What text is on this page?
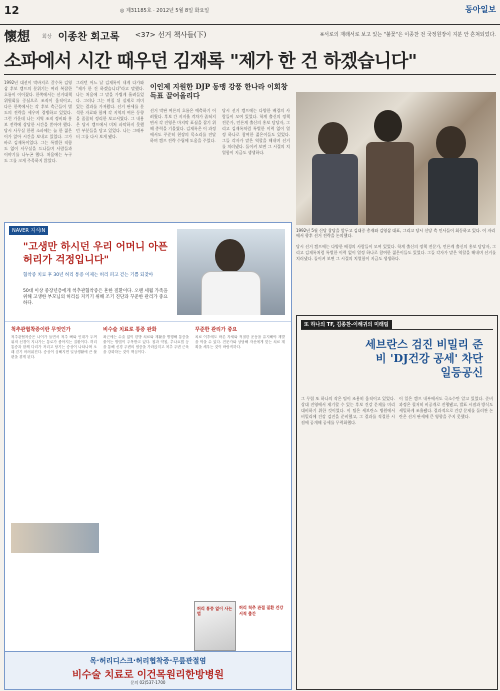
12	◎ 제31185호 · 2012년 5월 8일 화요일	동아일보
懷想 회상 이종찬 회고록 <37> 선거 책사들(下)	※서로의 재래서로 보고 있는 "불꽃"은 이종찬 전 국정원장이 지분 안 흔쳐되었다.
소파에서 시간 때우던 김재록 "제가 한 건 하겠습니다"
1992년 대선이 막바지로 갈수록 김영삼 후보 캠프의 분위기는 여러 복잡한 흐름이 이어졌다. 한쪽에서는 선거대책위원회를 중심으로 조직이 움직이고, 다른 한쪽에서는 각 후보 측근들이 별도의 전략을 세우며 경쟁하고 있었다. 그런 가운데 나는 지역 조직 정비와 홍보 전략에 상당한 시간을 쏟아야 했다. 당시 사무실 한편 소파에는 늘 한 젊은이가 앉아 시간을 보내고 있었다. 그가 바로 김재록이었다. 그는 특별한 직함도 없이 사무실을 드나들며 사람들과 이야기를 나누곤 했다. 처음에는 누구도 그를 크게 주목하지 않았다.
그러던 어느 날 김재록이 내게 다가와 "제가 한 건 하겠습니다"라고 말했다. 나는 처음에 그 말을 가볍게 흘려들었다. 그러나 그는 며칠 뒤 실제로 의미 있는 결과를 가져왔다. 선거 판세를 분석한 자료와 함께 각 지역의 여론 동향을 꼼꼼히 정리한 보고서였다. 그 내용은 당시 캠프에서 미처 파악하지 못했던 부분들을 담고 있었다. 나는 그때부터 그를 다시 보게 됐다.
이인제 지원한 DJP 동맹 강풍 한나라 이회창 득표 끌어올리다
선거 막판 여론의 흐름은 예측하기 어려웠다. 후보 간 지지율 격차가 좁혀지면서 각 진영은 마지막 표심을 잡기 위해 총력을 기울였다. 김재록은 이 과정에서도 꾸준히 현장의 목소리를 전달하며 캠프 전략 수립에 도움을 주었다.
당시 선거 캠프에는 다양한 배경의 사람들이 모여 있었다. 학계 출신의 정책 전문가, 언론계 출신의 홍보 담당자, 그리고 김재록처럼 특별한 이력 없이 열정 하나로 참여한 젊은이들도 있었다. 그들 각자가 맡은 역할을 해내며 선거를 치러냈다. 돌이켜 보면 그 시절의 치열함이 지금도 생생하다.
1992년 5월 신당 창당을 앞두고 김대중 총재와 김영삼 대표, 그리고 당시 신당 측 인사들이 회동하고 있다. 이 자리에서 향후 선거 전략을 논의했다.
당시 선거 캠프에는 다양한 배경의 사람들이 모여 있었다. 학계 출신의 정책 전문가, 언론계 출신의 홍보 담당자, 그리고 김재록처럼 특별한 이력 없이 열정 하나로 참여한 젊은이들도 있었다. 그들 각자가 맡은 역할을 해내며 선거를 치러냈다. 돌이켜 보면 그 시절의 치열함이 지금도 생생하다.
NAVER 지식iN
"고생만 하시던 우리 어머니 아픈 허리가 걱정입니다"
협착증 치료 후 30년 허리 통증 이제는 허리 펴고 걷는 기쁨 되찾아
50대 이상 중장년층에게 척추관협착증은 흔한 질환이다. 오랜 세월 가족을 위해 고생한 부모님의 허리를 지키기 위해 조기 진단과 꾸준한 관리가 중요하다.
척추관협착증이란 무엇인가
척추관협착증은 나이가 들면서 척추 뼈와 인대가 두꺼워져 신경이 지나가는 통로가 좁아지는 질환이다. 허리 통증과 함께 다리가 저리고 당기는 증상이 나타나며 오래 걷기 어려워진다. 증상이 심해지면 일상생활에 큰 불편을 겪게 된다.
비수술 치료로 통증 완화
최근에는 수술 없이 한방 치료와 재활을 병행해 통증을 줄이는 방법이 주목받고 있다. 침과 약침, 추나요법 등을 통해 신경 주변의 염증을 가라앉히고 척추 주변 근육을 강화하는 것이 핵심이다.
꾸준한 관리가 중요
치료 이후에도 바른 자세와 적절한 운동을 유지해야 재발을 막을 수 있다. 전문가와 상담해 자신에게 맞는 치료 계획을 세우는 것이 바람직하다.
허리 통증 없이 사는 법
허리 척추 관절 질환 건강서적 출간
목·허리디스크·허리협착증·무릎관절염
비수술 치료로 이건목원리한방병원
문의 02)537-1700
또 하나의 TF, 김종찬-이해귀의 미래팀
세브란스 검진 비밀리 준비 'DJ건강 공세' 차단 일등공신
그 무렵 또 하나의 작은 팀이 조용히 움직이고 있었다. 상대 진영에서 제기할 수 있는 후보 건강 문제를 미리 대비하기 위한 것이었다. 이 팀은 세브란스 병원에서 비밀리에 건강 검진을 준비했고, 그 결과를 적절한 시점에 공개해 공세를 무력화했다.
이 일은 캠프 내부에서도 극소수만 알고 있었다. 준비 과정은 철저히 비공개로 진행됐고, 발표 시점과 방식도 세밀하게 조율됐다. 결과적으로 건강 문제를 둘러싼 논란은 선거 판세에 큰 영향을 주지 못했다.
